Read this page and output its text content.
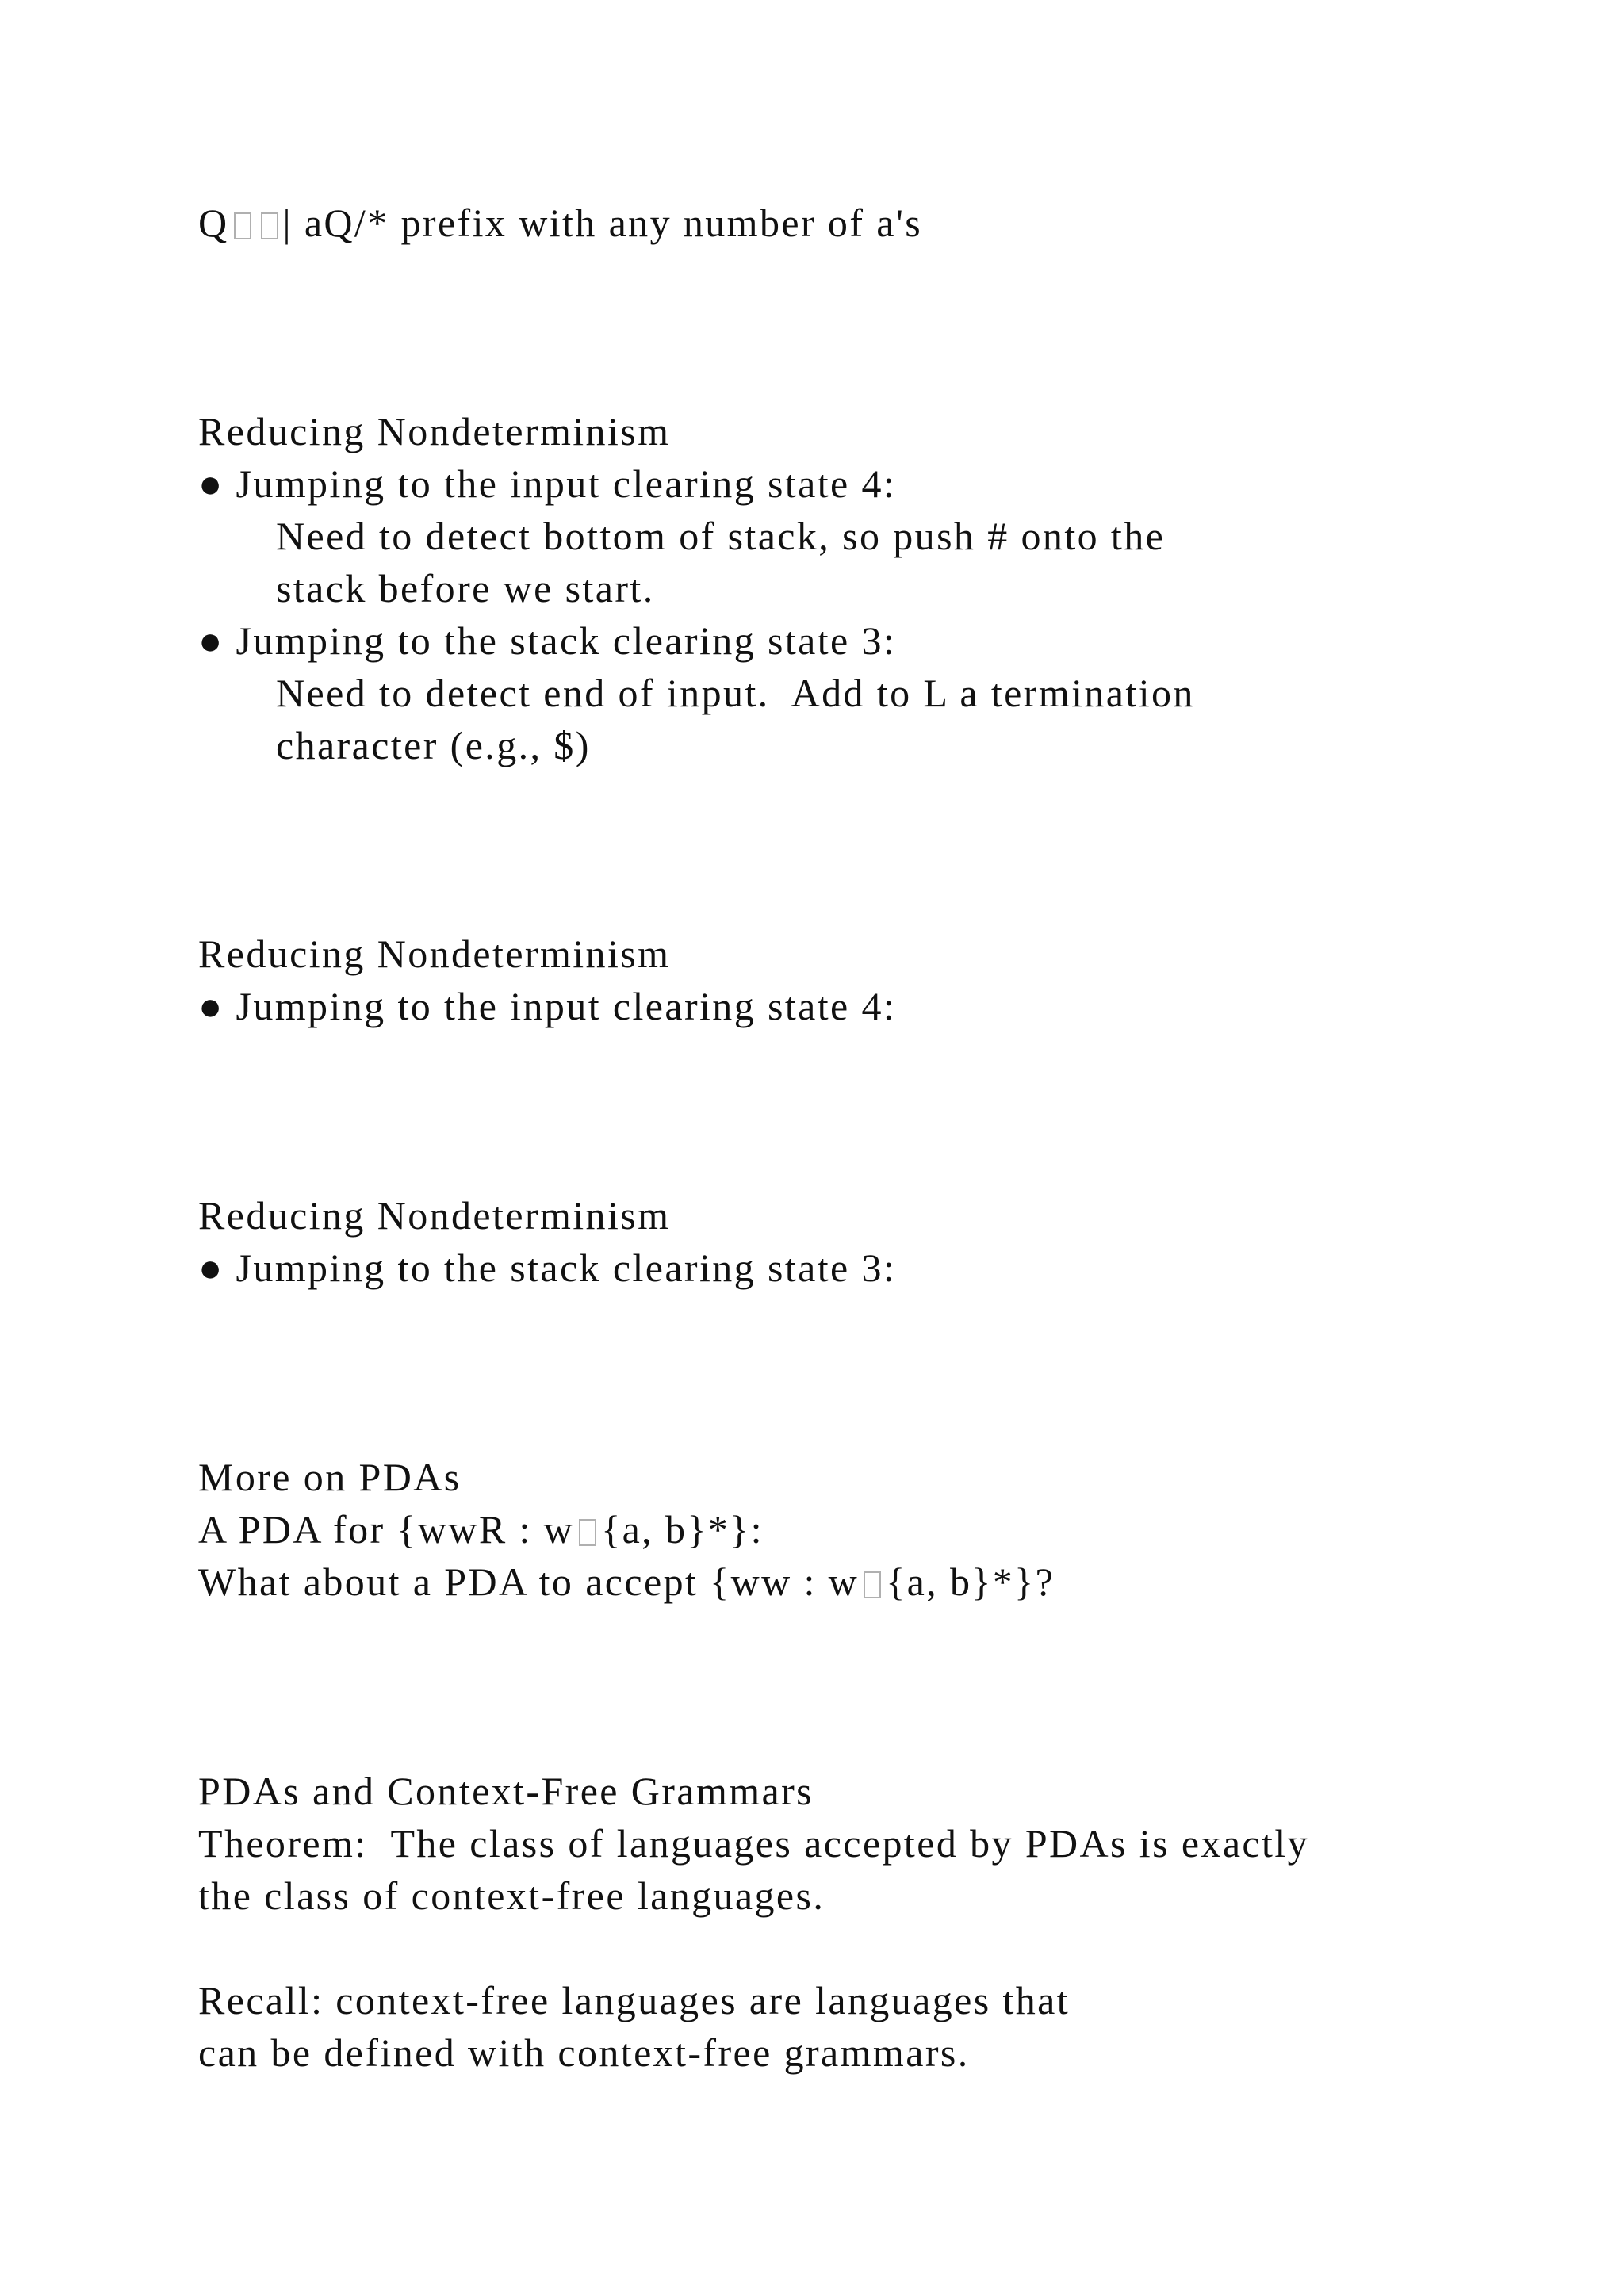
Q | aQ/* prefix with any number of a's

Reducing Nondeterminism

● Jumping to the input clearing state 4:

Need to detect bottom of stack, so push # onto the

stack before we start.

● Jumping to the stack clearing state 3:

Need to detect end of input.  Add to L a termination

character (e.g., $)

Reducing Nondeterminism

● Jumping to the input clearing state 4:

Reducing Nondeterminism

● Jumping to the stack clearing state 3:

More on PDAs

A PDA for {wwR : w {a, b}*}:

What about a PDA to accept {ww : w {a, b}*}?

PDAs and Context-Free Grammars

Theorem:  The class of languages accepted by PDAs is exactly

the class of context-free languages.

Recall: context-free languages are languages that

can be defined with context-free grammars.
